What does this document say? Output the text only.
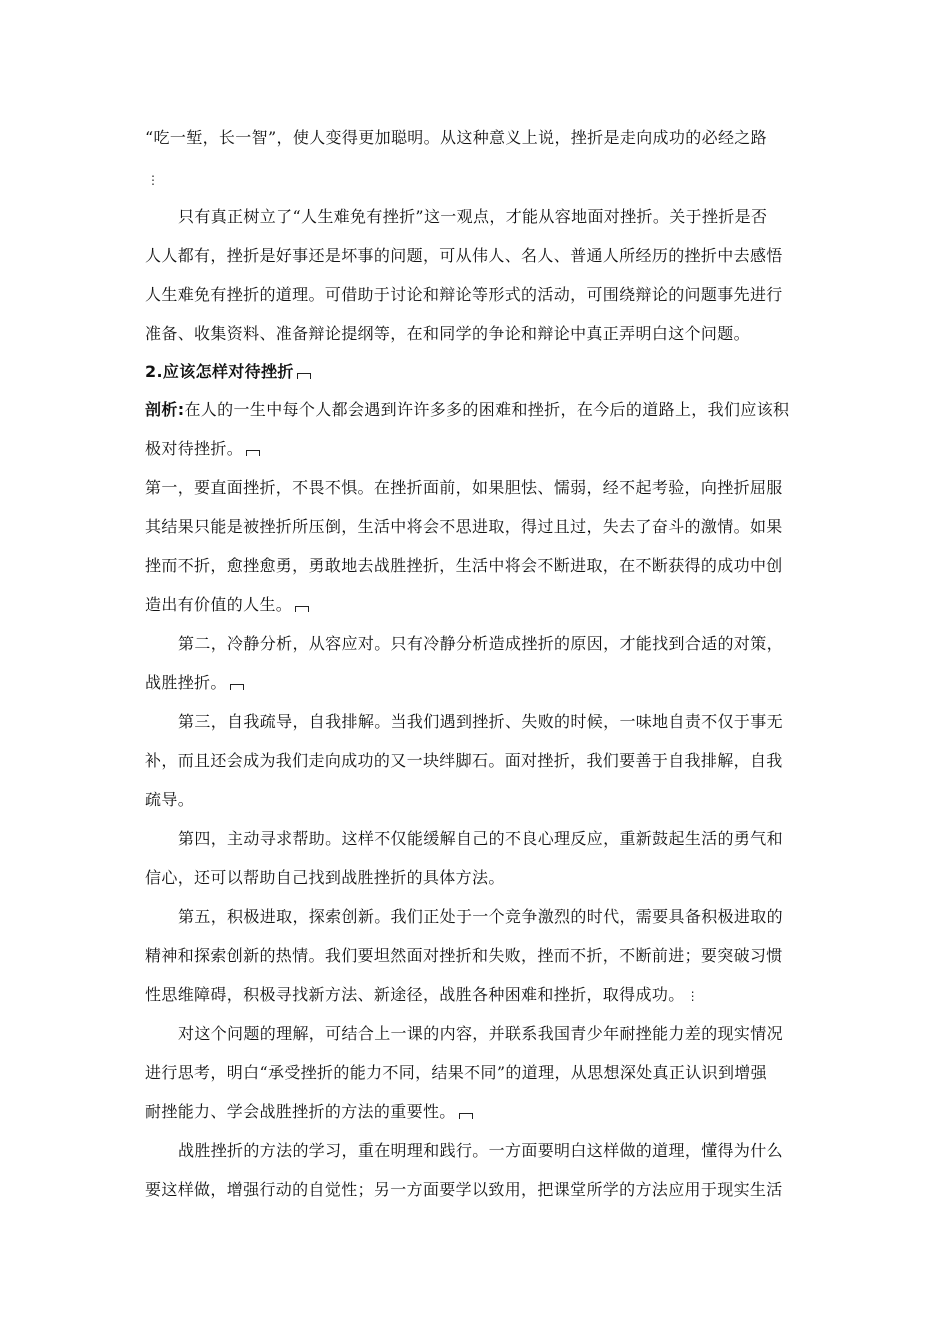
“吃一堑，长一智”，使人变得更加聪明。从这种意义上说，挫折是走向成功的必经之路
⋮
只有真正树立了“人生难免有挫折”这一观点，才能从容地面对挫折。关于挫折是否
人人都有，挫折是好事还是坏事的问题，可从伟人、名人、普通人所经历的挫折中去感悟
人生难免有挫折的道理。可借助于讨论和辩论等形式的活动，可围绕辩论的问题事先进行
准备、收集资料、准备辩论提纲等，在和同学的争论和辩论中真正弄明白这个问题。
2.应该怎样对待挫折
剖析:在人的一生中每个人都会遇到许许多多的困难和挫折，在今后的道路上，我们应该积
极对待挫折。
第一，要直面挫折，不畏不惧。在挫折面前，如果胆怯、懦弱，经不起考验，向挫折屈服
其结果只能是被挫折所压倒，生活中将会不思进取，得过且过，失去了奋斗的激情。如果
挫而不折，愈挫愈勇，勇敢地去战胜挫折，生活中将会不断进取，在不断获得的成功中创
造出有价值的人生。
第二，冷静分析，从容应对。只有冷静分析造成挫折的原因，才能找到合适的对策，
战胜挫折。
第三，自我疏导，自我排解。当我们遇到挫折、失败的时候，一味地自责不仅于事无
补，而且还会成为我们走向成功的又一块绊脚石。面对挫折，我们要善于自我排解，自我
疏导。
第四，主动寻求帮助。这样不仅能缓解自己的不良心理反应，重新鼓起生活的勇气和
信心，还可以帮助自己找到战胜挫折的具体方法。
第五，积极进取，探索创新。我们正处于一个竞争激烈的时代，需要具备积极进取的
精神和探索创新的热情。我们要坦然面对挫折和失败，挫而不折，不断前进；要突破习惯
性思维障碍，积极寻找新方法、新途径，战胜各种困难和挫折，取得成功。 ⋮
对这个问题的理解，可结合上一课的内容，并联系我国青少年耐挫能力差的现实情况
进行思考，明白“承受挫折的能力不同，结果不同”的道理，从思想深处真正认识到增强
耐挫能力、学会战胜挫折的方法的重要性。
战胜挫折的方法的学习，重在明理和践行。一方面要明白这样做的道理，懂得为什么
要这样做，增强行动的自觉性；另一方面要学以致用，把课堂所学的方法应用于现实生活
